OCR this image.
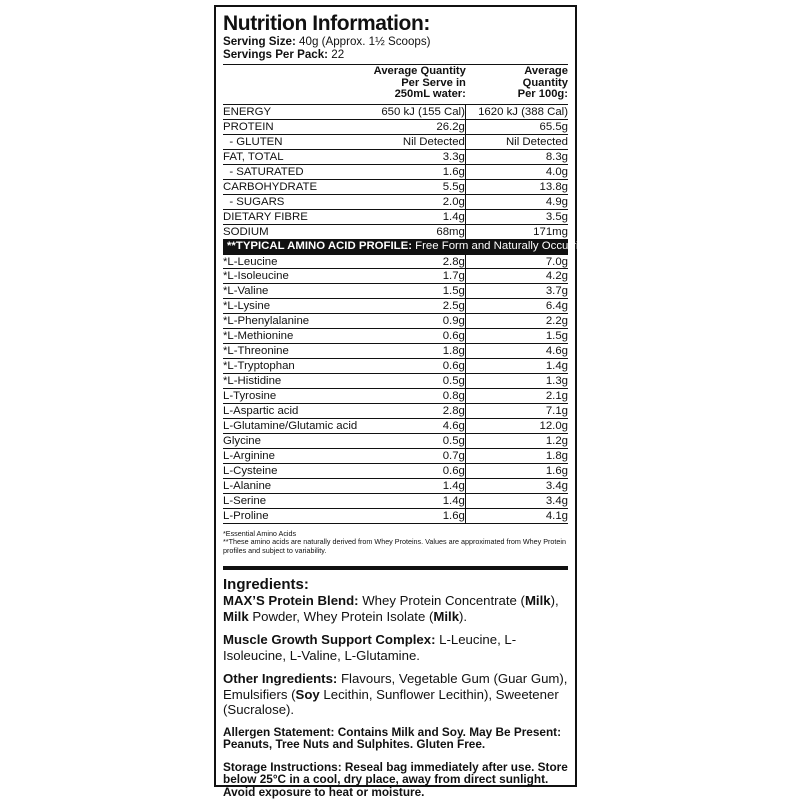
Nutrition Information:
Serving Size: 40g (Approx. 1½ Scoops)
Servings Per Pack: 22
Average Quantity
Per Serve in
250mL water:
Average
Quantity
Per 100g:
ENERGY	650 kJ (155 Cal)	1620 kJ (388 Cal)
PROTEIN	26.2g	65.5g
- GLUTEN	Nil Detected	Nil Detected
FAT, TOTAL	3.3g	8.3g
- SATURATED	1.6g	4.0g
CARBOHYDRATE	5.5g	13.8g
- SUGARS	2.0g	4.9g
DIETARY FIBRE	1.4g	3.5g
SODIUM	68mg	171mg
**TYPICAL AMINO ACID PROFILE: Free Form and Naturally Occurring
*L-Leucine	2.8g	7.0g
*L-Isoleucine	1.7g	4.2g
*L-Valine	1.5g	3.7g
*L-Lysine	2.5g	6.4g
*L-Phenylalanine	0.9g	2.2g
*L-Methionine	0.6g	1.5g
*L-Threonine	1.8g	4.6g
*L-Tryptophan	0.6g	1.4g
*L-Histidine	0.5g	1.3g
L-Tyrosine	0.8g	2.1g
L-Aspartic acid	2.8g	7.1g
L-Glutamine/Glutamic acid	4.6g	12.0g
Glycine	0.5g	1.2g
L-Arginine	0.7g	1.8g
L-Cysteine	0.6g	1.6g
L-Alanine	1.4g	3.4g
L-Serine	1.4g	3.4g
L-Proline	1.6g	4.1g
*Essential Amino Acids
**These amino acids are naturally derived from Whey Proteins. Values are approximated from Whey Protein profiles and subject to variability.
Ingredients:
MAX’S Protein Blend: Whey Protein Concentrate (Milk), Milk Powder, Whey Protein Isolate (Milk).
Muscle Growth Support Complex: L-Leucine, L-Isoleucine, L-Valine, L-Glutamine.
Other Ingredients: Flavours, Vegetable Gum (Guar Gum), Emulsifiers (Soy Lecithin, Sunflower Lecithin), Sweetener (Sucralose).
Allergen Statement: Contains Milk and Soy. May Be Present: Peanuts, Tree Nuts and Sulphites. Gluten Free.
Storage Instructions: Reseal bag immediately after use. Store below 25°C in a cool, dry place, away from direct sunlight. Avoid exposure to heat or moisture.
